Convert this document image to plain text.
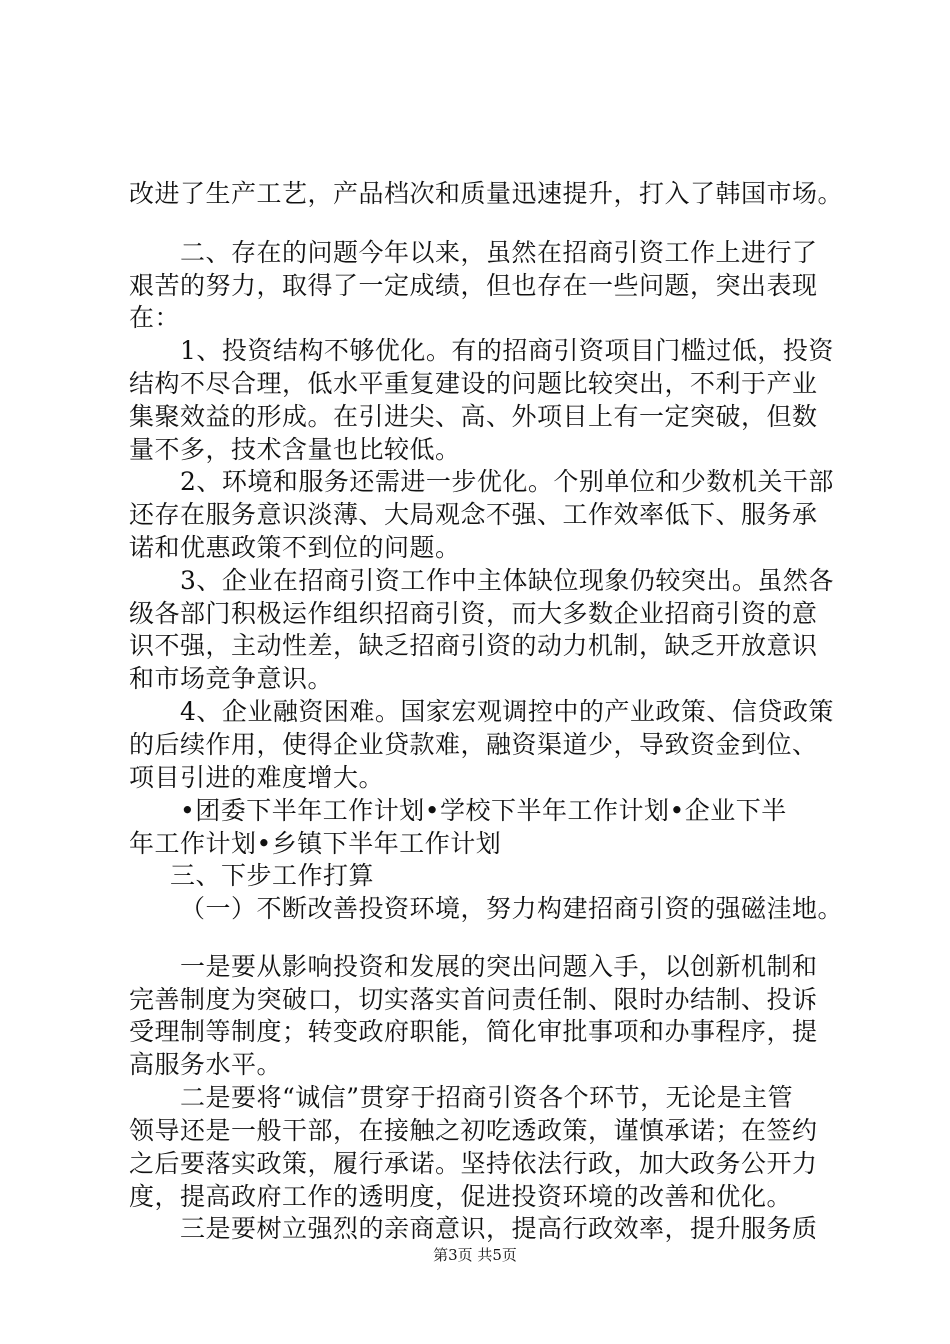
改进了生产工艺，产品档次和质量迅速提升，打入了韩国市场。

二、存在的问题今年以来，虽然在招商引资工作上进行了

艰苦的努力，取得了一定成绩，但也存在一些问题，突出表现

在：

1、投资结构不够优化。有的招商引资项目门槛过低，投资

结构不尽合理，低水平重复建设的问题比较突出，不利于产业

集聚效益的形成。在引进尖、高、外项目上有一定突破，但数

量不多，技术含量也比较低。

2、环境和服务还需进一步优化。个别单位和少数机关干部

还存在服务意识淡薄、大局观念不强、工作效率低下、服务承

诺和优惠政策不到位的问题。

3、企业在招商引资工作中主体缺位现象仍较突出。虽然各

级各部门积极运作组织招商引资，而大多数企业招商引资的意

识不强，主动性差，缺乏招商引资的动力机制，缺乏开放意识

和市场竞争意识。

4、企业融资困难。国家宏观调控中的产业政策、信贷政策

的后续作用，使得企业贷款难，融资渠道少，导致资金到位、

项目引进的难度增大。

•团委下半年工作计划•学校下半年工作计划•企业下半

年工作计划•乡镇下半年工作计划

三、下步工作打算

（一）不断改善投资环境，努力构建招商引资的强磁洼地。

一是要从影响投资和发展的突出问题入手，以创新机制和

完善制度为突破口，切实落实首问责任制、限时办结制、投诉

受理制等制度；转变政府职能，简化审批事项和办事程序，提

高服务水平。

二是要将“诚信”贯穿于招商引资各个环节，无论是主管

领导还是一般干部，在接触之初吃透政策，谨慎承诺；在签约

之后要落实政策，履行承诺。坚持依法行政，加大政务公开力

度，提高政府工作的透明度，促进投资环境的改善和优化。

三是要树立强烈的亲商意识，提高行政效率，提升服务质

第3页 共5页
